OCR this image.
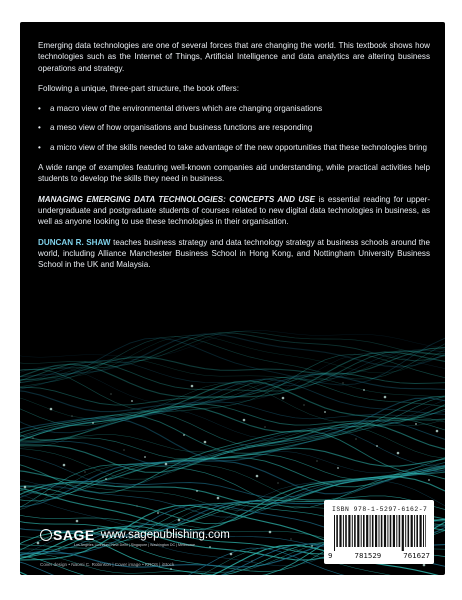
Emerging data technologies are one of several forces that are changing the world. This textbook shows how technologies such as the Internet of Things, Artificial Intelligence and data analytics are altering business operations and strategy.

Following a unique, three-part structure, the book offers:

• a macro view of the environmental drivers which are changing organisations
• a meso view of how organisations and business functions are responding
• a micro view of the skills needed to take advantage of the new opportunities that these technologies bring

A wide range of examples featuring well-known companies aid understanding, while practical activities help students to develop the skills they need in business.

MANAGING EMERGING DATA TECHNOLOGIES: CONCEPTS AND USE is essential reading for upper-undergraduate and postgraduate students of courses related to new digital data technologies in business, as well as anyone looking to use these technologies in their organisation.

DUNCAN R. SHAW teaches business strategy and data technology strategy at business schools around the world, including Alliance Manchester Business School in Hong Kong, and Nottingham University Business School in the UK and Malaysia.

SAGE www.sagepublishing.com
Los Angeles | London | New Delhi | Singapore | Washington DC | Melbourne
Cover design • Naomi C. Robinson | Cover image • KROS | iStock
ISBN 978-1-5297-6162-7
9	781529	761627
